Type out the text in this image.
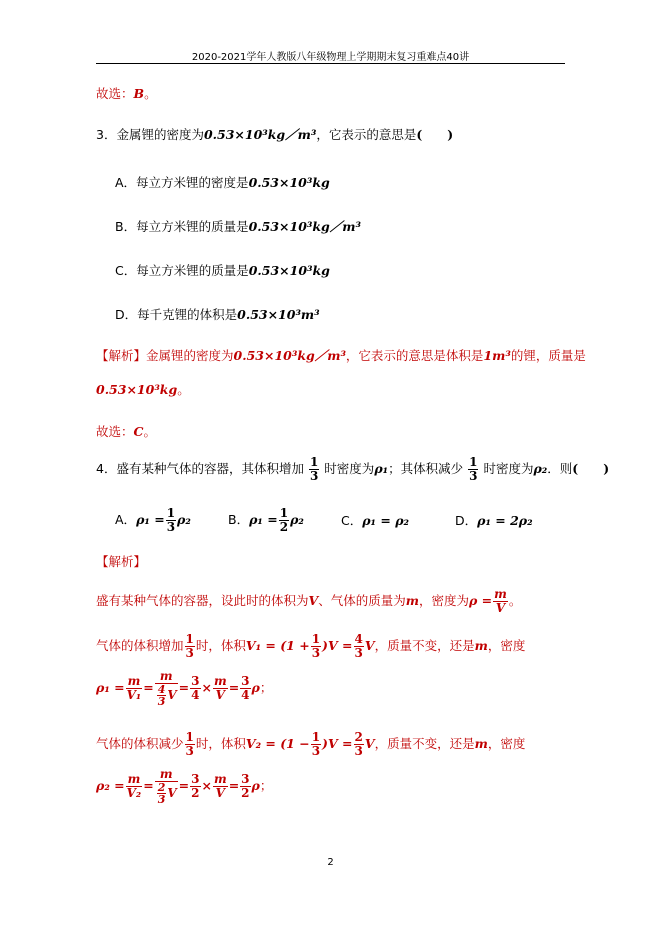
2020-2021学年人教版八年级物理上学期期末复习重难点40讲
故选：B。
3．金属锂的密度为0.53×10³kg／m³，它表示的意思是(　　)
A．每立方米锂的密度是0.53×10³kg
B．每立方米锂的质量是0.53×10³kg／m³
C．每立方米锂的质量是0.53×10³kg
D．每千克锂的体积是0.53×10³m³
【解析】金属锂的密度为0.53×10³kg／m³，它表示的意思是体积是1m³的锂，质量是
0.53×10³kg。
故选：C。
4．盛有某种气体的容器，其体积增加 $\frac{1}{3}$ 时密度为ρ₁；其体积减少 $\frac{1}{3}$ 时密度为ρ₂．则(　　)
A．$\rho_1 = \frac{1}{3} \rho_2$	B．$\rho_1 = \frac{1}{2} \rho_2$	C．ρ₁ = ρ₂	D．ρ₁ = 2ρ₂
【解析】
盛有某种气体的容器，设此时的体积为V、气体的质量为m，密度为$\rho = \frac{m}{V}$ 。
气体的体积增加 $\frac{1}{3}$ 时，体积$V_1 = (1 + \frac{1}{3} )V = \frac{4}{3}$ V，质量不变，还是m，密度
$\rho_1 = \frac{m}{\text{V₁}} = \frac{m}{\frac{4}{3} V} = \frac{3}{4} \times \frac{m}{V} = \frac{3}{4}$ ρ；
气体的体积减少 $\frac{1}{3}$ 时，体积$V_2 = (1 - \frac{1}{3} )V = \frac{2}{3}$ V，质量不变，还是m，密度
$\rho_2 = \frac{m}{\text{V₂}} = \frac{m}{\frac{2}{3} V} = \frac{3}{2} \times \frac{m}{V} = \frac{3}{2}$ ρ；
2
